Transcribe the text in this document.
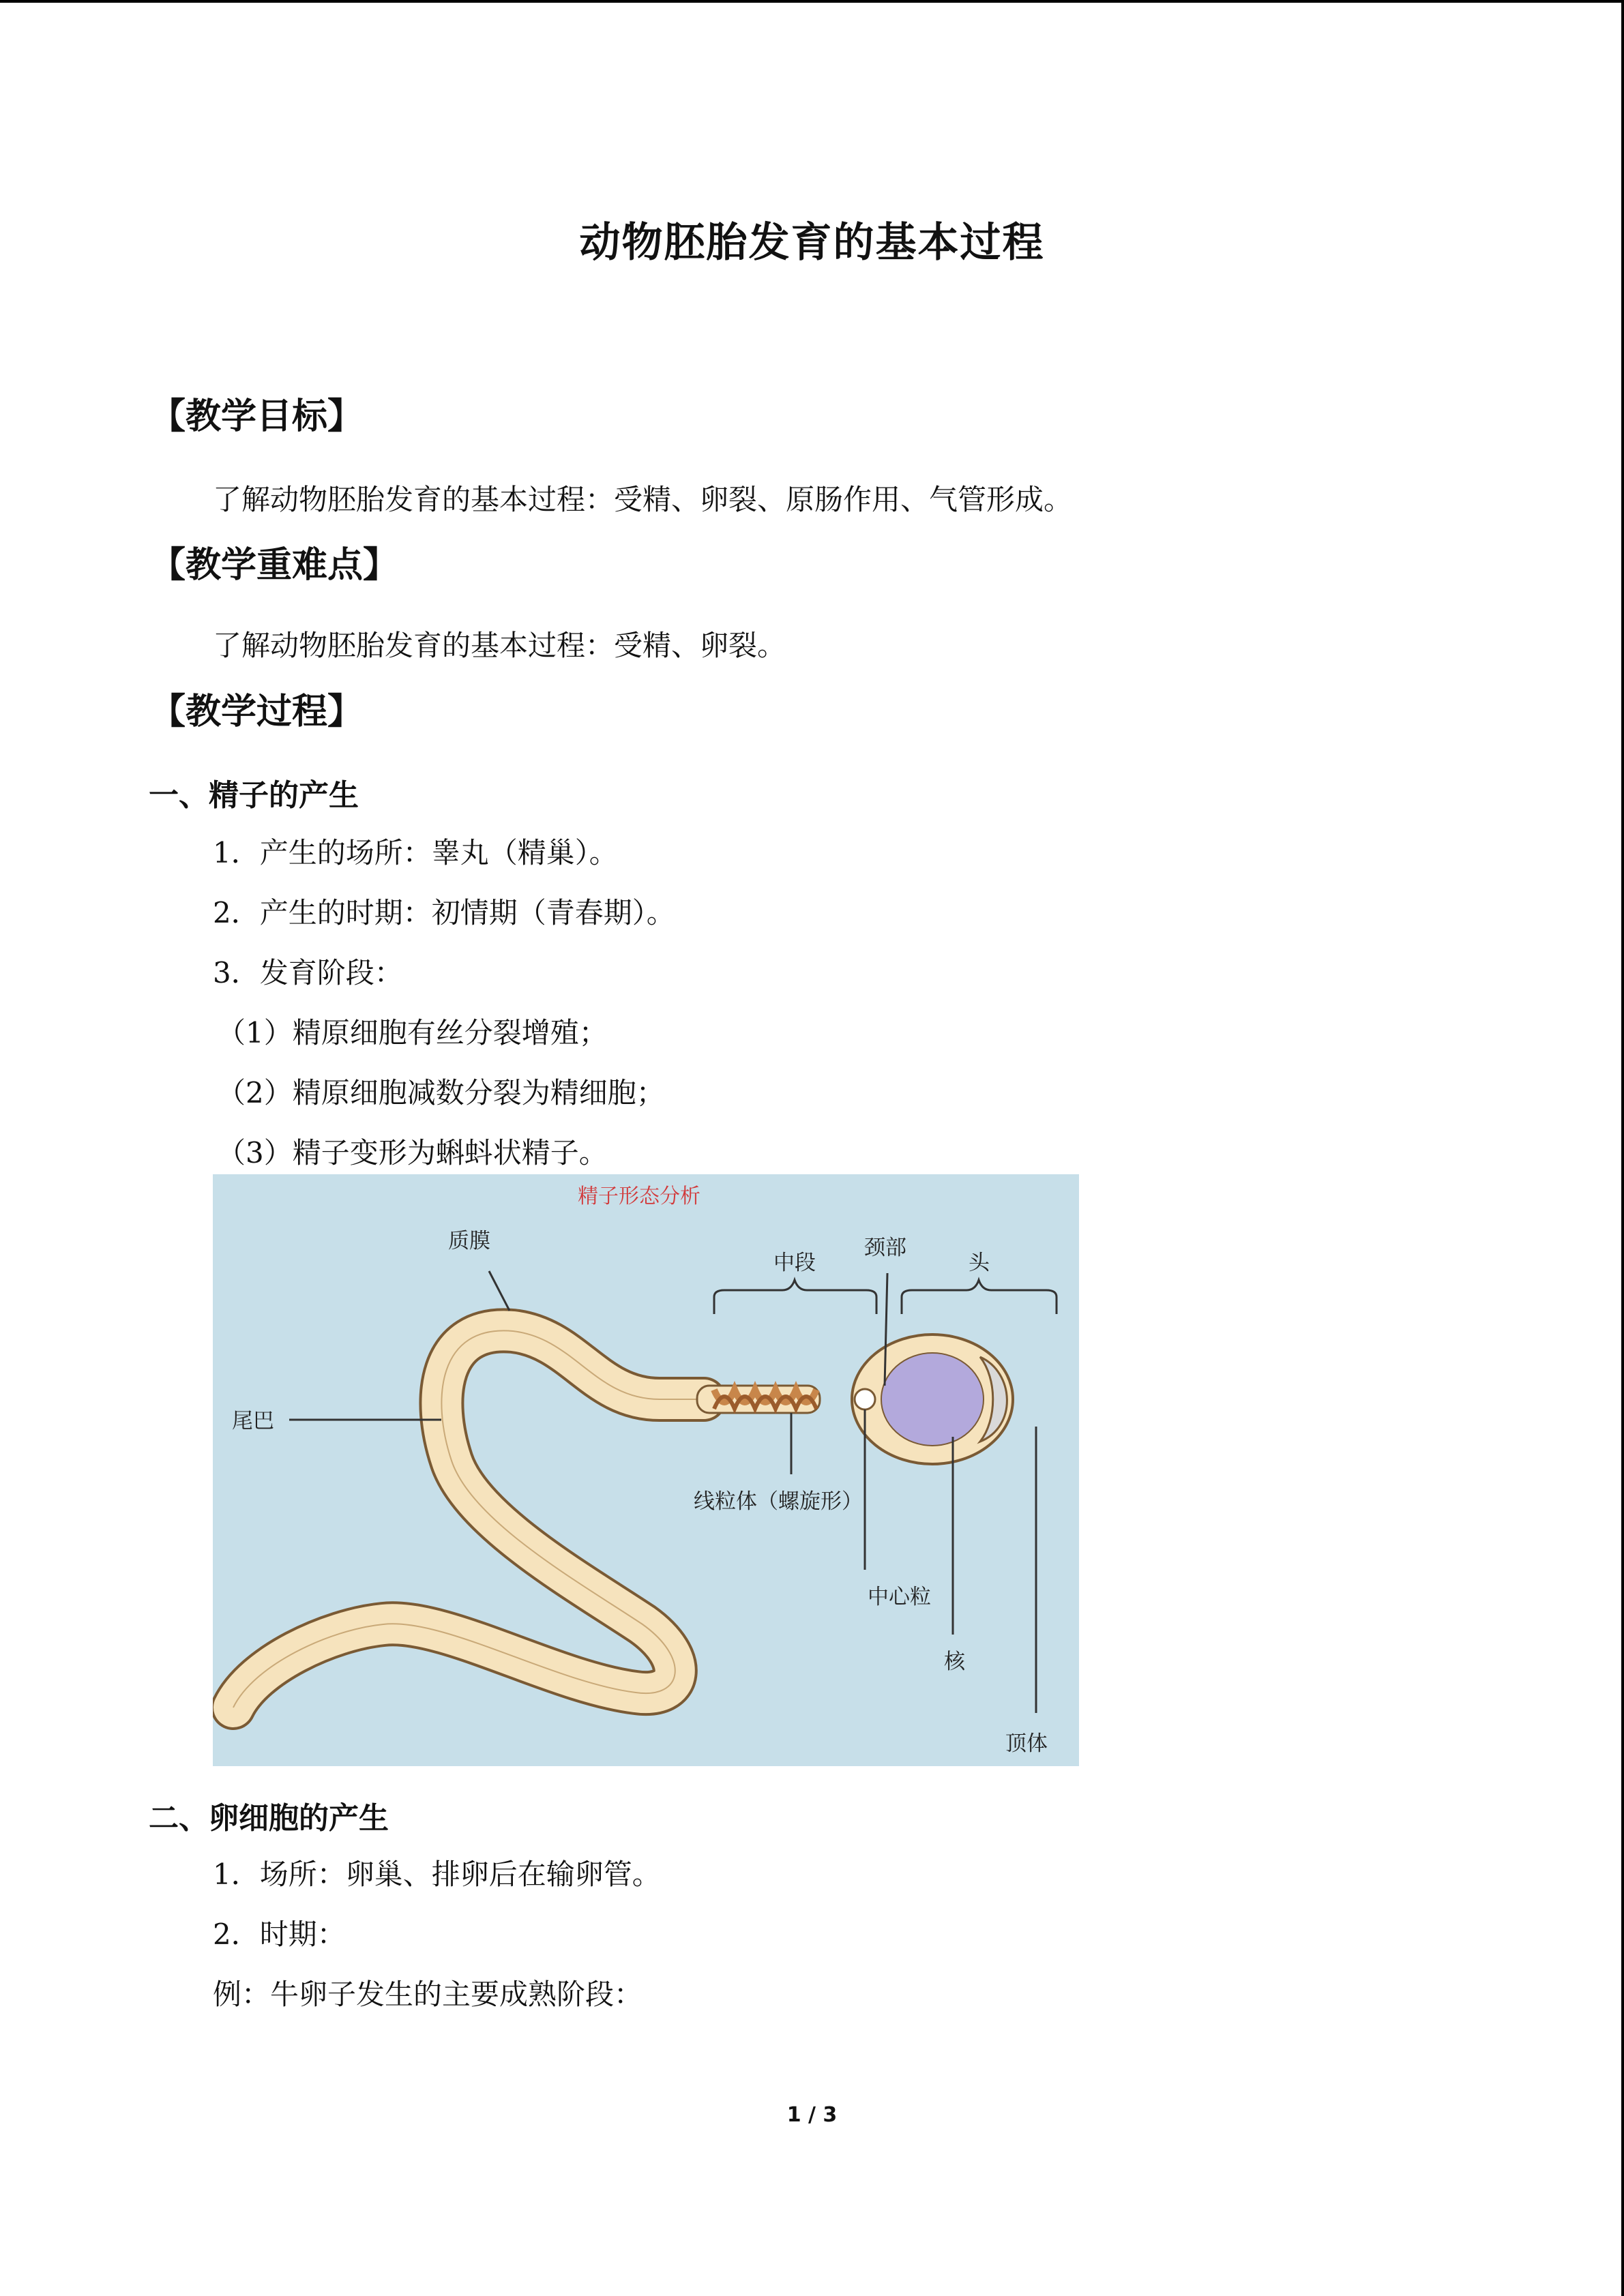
动物胚胎发育的基本过程
【教学目标】
了解动物胚胎发育的基本过程：受精、卵裂、原肠作用、气管形成。
【教学重难点】
了解动物胚胎发育的基本过程：受精、卵裂。
【教学过程】
一、精子的产生
1．产生的场所：睾丸（精巢）。
2．产生的时期：初情期（青春期）。
3．发育阶段：
（1）精原细胞有丝分裂增殖；
（2）精原细胞减数分裂为精细胞；
（3）精子变形为蝌蚪状精子。
精子形态分析
质膜
中段
颈部
头
尾巴
线粒体（螺旋形）
中心粒
核
顶体
二、卵细胞的产生
1．场所：卵巢、排卵后在输卵管。
2．时期：
例：牛卵子发生的主要成熟阶段：
1 / 3
